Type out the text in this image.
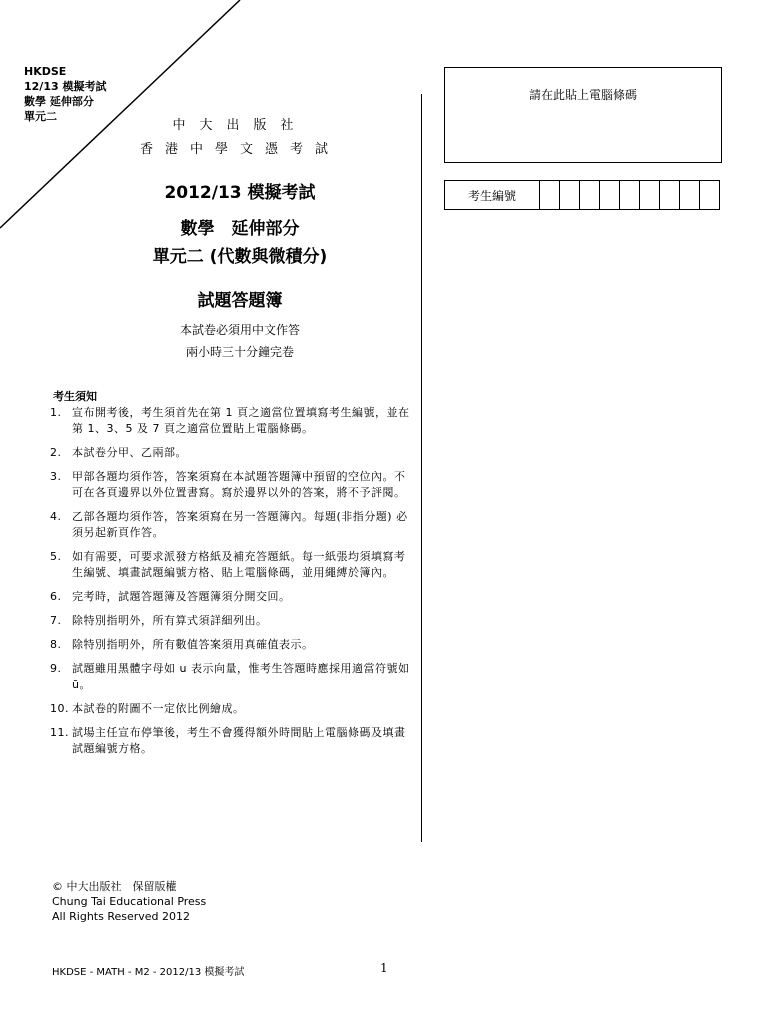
HKDSE
12/13 模擬考試
數學 延伸部分
單元二
中大出版社
香港中學文憑考試
2012/13 模擬考試
數學　延伸部分
單元二 (代數與微積分)
試題答題簿
本試卷必須用中文作答
兩小時三十分鐘完卷
請在此貼上電腦條碼
考生編號									
考生須知
1. 宣布開考後，考生須首先在第 1 頁之適當位置填寫考生編號，並在第 1、3、5 及 7 頁之適當位置貼上電腦條碼。
2. 本試卷分甲、乙兩部。
3. 甲部各題均須作答，答案須寫在本試題答題簿中預留的空位內。不可在各頁邊界以外位置書寫。寫於邊界以外的答案，將不予評閱。
4. 乙部各題均須作答，答案須寫在另一答題簿內。每題(非指分題) 必須另起新頁作答。
5. 如有需要，可要求派發方格紙及補充答題紙。每一紙張均須填寫考生編號、填畫試題編號方格、貼上電腦條碼，並用繩縛於簿內。
6. 完考時，試題答題簿及答題簿須分開交回。
7. 除特別指明外，所有算式須詳細列出。
8. 除特別指明外，所有數值答案須用真確值表示。
9. 試題雖用黑體字母如 u 表示向量，惟考生答題時應採用適當符號如 ū。
10. 本試卷的附圖不一定依比例繪成。
11. 試場主任宣布停筆後，考生不會獲得額外時間貼上電腦條碼及填畫試題編號方格。
© 中大出版社　保留版權
Chung Tai Educational Press
All Rights Reserved 2012
HKDSE - MATH - M2 - 2012/13 模擬考試	1
